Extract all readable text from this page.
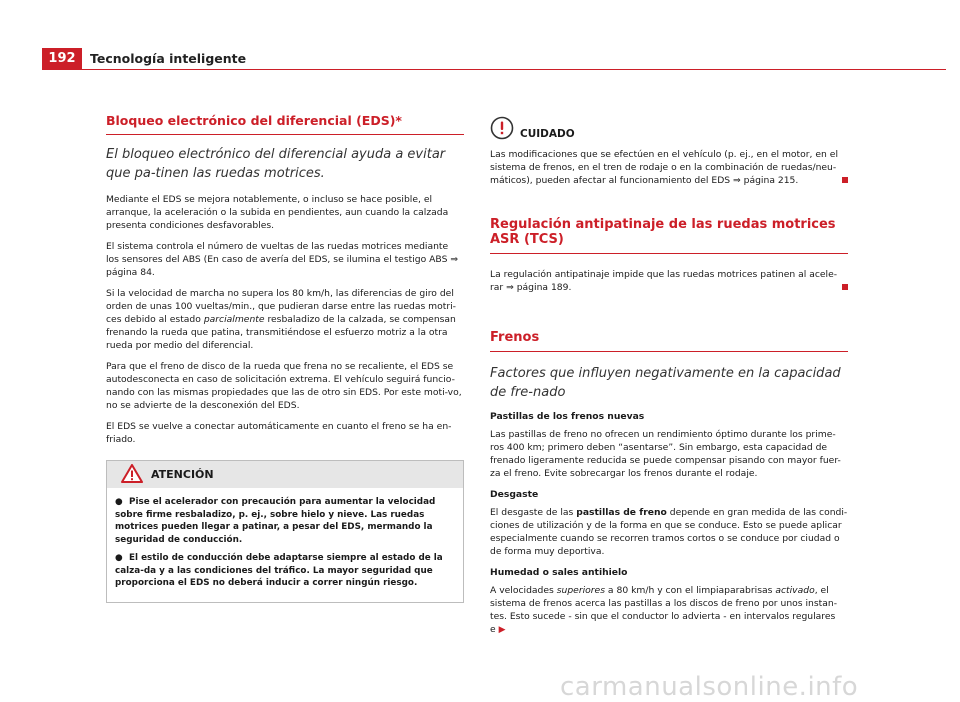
192	Tecnología inteligente
Bloqueo electrónico del diferencial (EDS)*
El bloqueo electrónico del diferencial ayuda a evitar que pa-tinen las ruedas motrices.

Mediante el EDS se mejora notablemente, o incluso se hace posible, el arranque, la aceleración o la subida en pendientes, aun cuando la calzada presenta condiciones desfavorables.

El sistema controla el número de vueltas de las ruedas motrices mediante los sensores del ABS (En caso de avería del EDS, se ilumina el testigo ABS ⇒ página 84.

Si la velocidad de marcha no supera los 80 km/h, las diferencias de giro del orden de unas 100 vueltas/min., que pudieran darse entre las ruedas motri-ces debido al estado parcialmente resbaladizo de la calzada, se compensan frenando la rueda que patina, transmitiéndose el esfuerzo motriz a la otra rueda por medio del diferencial.

Para que el freno de disco de la rueda que frena no se recaliente, el EDS se autodesconecta en caso de solicitación extrema. El vehículo seguirá funcio-nando con las mismas propiedades que las de otro sin EDS. Por este moti-vo, no se advierte de la desconexión del EDS.

El EDS se vuelve a conectar automáticamente en cuanto el freno se ha en-friado.

ATENCIÓN

● Pise el acelerador con precaución para aumentar la velocidad sobre firme resbaladizo, p. ej., sobre hielo y nieve. Las ruedas motrices pueden llegar a patinar, a pesar del EDS, mermando la seguridad de conducción.

● El estilo de conducción debe adaptarse siempre al estado de la calza-da y a las condiciones del tráfico. La mayor seguridad que proporciona el EDS no deberá inducir a correr ningún riesgo.

CUIDADO

Las modificaciones que se efectúen en el vehículo (p. ej., en el motor, en el sistema de frenos, en el tren de rodaje o en la combinación de ruedas/neu-máticos), pueden afectar al funcionamiento del EDS ⇒ página 215.

Regulación antipatinaje de las ruedas motrices ASR (TCS)

La regulación antipatinaje impide que las ruedas motrices patinen al acele-rar ⇒ página 189.

Frenos
Factores que influyen negativamente en la capacidad de fre-nado

Pastillas de los frenos nuevas

Las pastillas de freno no ofrecen un rendimiento óptimo durante los prime-ros 400 km; primero deben “asentarse”. Sin embargo, esta capacidad de frenado ligeramente reducida se puede compensar pisando con mayor fuer-za el freno. Evite sobrecargar los frenos durante el rodaje.

Desgaste

El desgaste de las pastillas de freno depende en gran medida de las condi-ciones de utilización y de la forma en que se conduce. Esto se puede aplicar especialmente cuando se recorren tramos cortos o se conduce por ciudad o de forma muy deportiva.

Humedad o sales antihielo

A velocidades superiores a 80 km/h y con el limpiaparabrisas activado, el sistema de frenos acerca las pastillas a los discos de freno por unos instan-tes. Esto sucede - sin que el conductor lo advierta - en intervalos regulares e ▶

carmanualsonline.info
